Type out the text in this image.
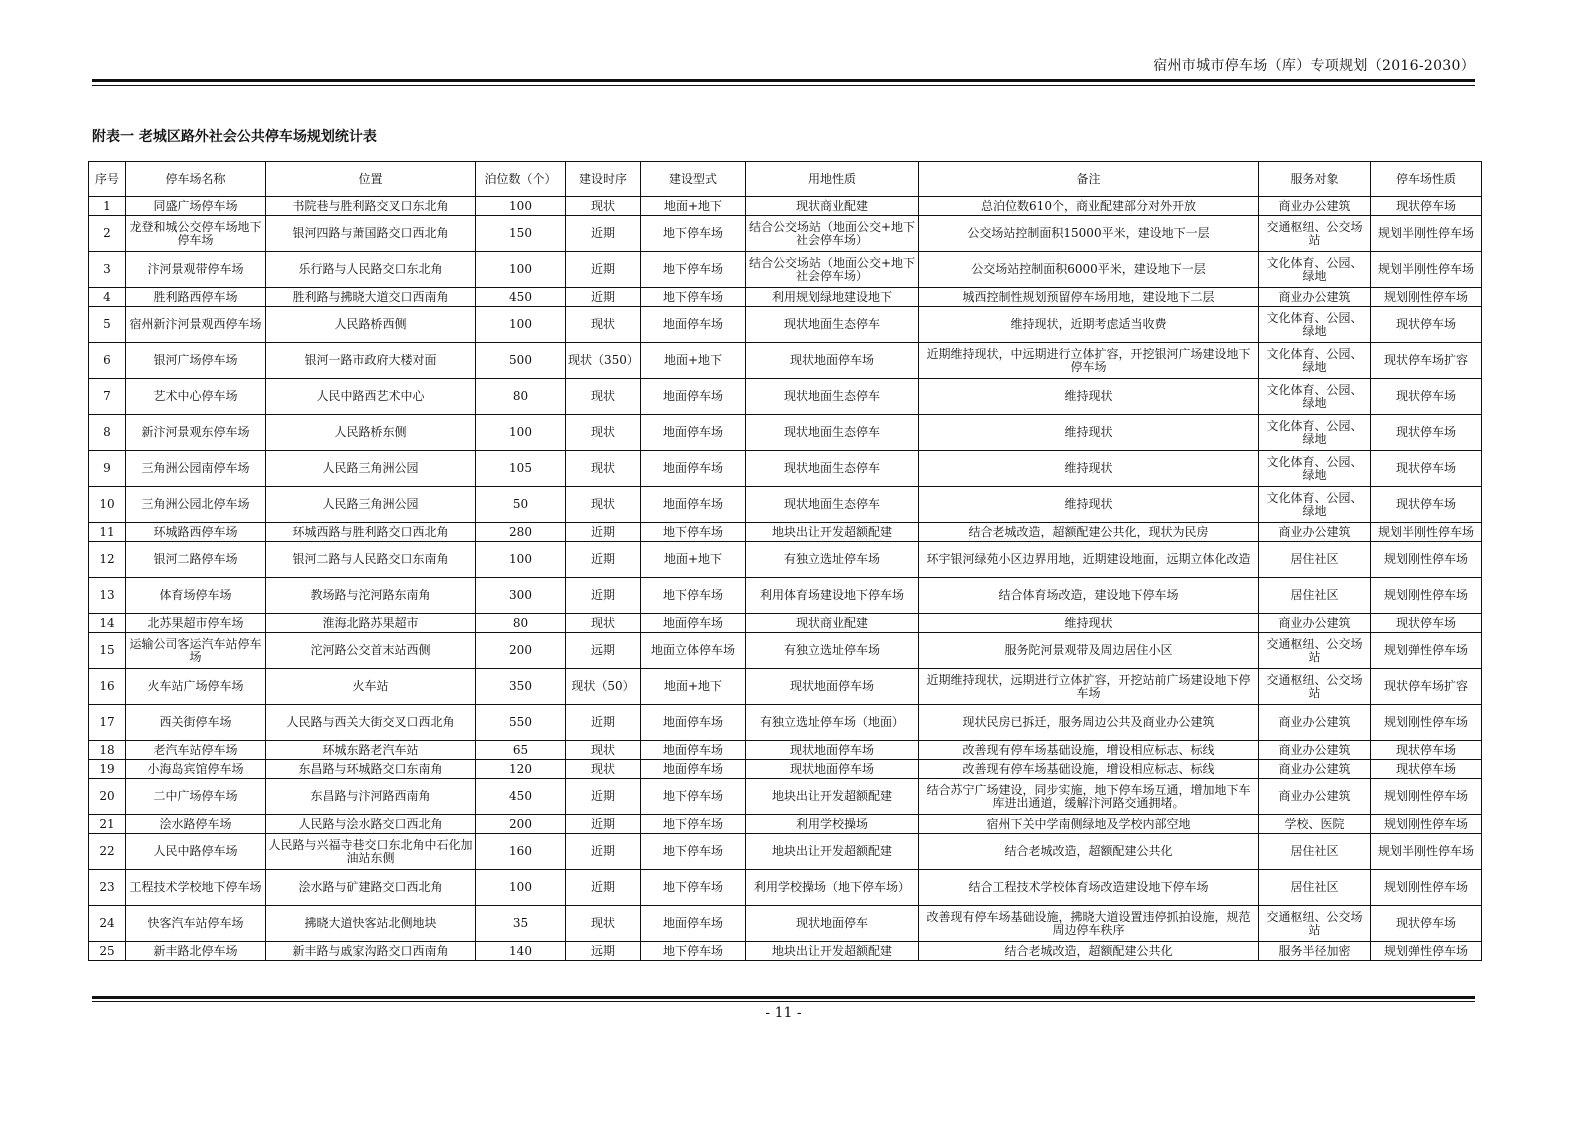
宿州市城市停车场（库）专项规划（2016-2030）
附表一 老城区路外社会公共停车场规划统计表
序号	停车场名称	位置	泊位数（个）	建设时序	建设型式	用地性质	备注	服务对象	停车场性质
1	同盛广场停车场	书院巷与胜利路交叉口东北角	100	现状	地面+地下	现状商业配建	总泊位数610个，商业配建部分对外开放	商业办公建筑	现状停车场
2	龙登和城公交停车场地下停车场	银河四路与萧国路交口西北角	150	近期	地下停车场	结合公交场站（地面公交+地下社会停车场）	公交场站控制面积15000平米，建设地下一层	交通枢纽、公交场站	规划半刚性停车场
3	汴河景观带停车场	乐行路与人民路交口东北角	100	近期	地下停车场	结合公交场站（地面公交+地下社会停车场）	公交场站控制面积6000平米，建设地下一层	文化体育、公园、绿地	规划半刚性停车场
4	胜利路西停车场	胜利路与拂晓大道交口西南角	450	近期	地下停车场	利用规划绿地建设地下	城西控制性规划预留停车场用地，建设地下二层	商业办公建筑	规划刚性停车场
5	宿州新汴河景观西停车场	人民路桥西侧	100	现状	地面停车场	现状地面生态停车	维持现状，近期考虑适当收费	文化体育、公园、绿地	现状停车场
6	银河广场停车场	银河一路市政府大楼对面	500	现状（350）	地面+地下	现状地面停车场	近期维持现状，中远期进行立体扩容，开挖银河广场建设地下停车场	文化体育、公园、绿地	现状停车场扩容
7	艺术中心停车场	人民中路西艺术中心	80	现状	地面停车场	现状地面生态停车	维持现状	文化体育、公园、绿地	现状停车场
8	新汴河景观东停车场	人民路桥东侧	100	现状	地面停车场	现状地面生态停车	维持现状	文化体育、公园、绿地	现状停车场
9	三角洲公园南停车场	人民路三角洲公园	105	现状	地面停车场	现状地面生态停车	维持现状	文化体育、公园、绿地	现状停车场
10	三角洲公园北停车场	人民路三角洲公园	50	现状	地面停车场	现状地面生态停车	维持现状	文化体育、公园、绿地	现状停车场
11	环城路西停车场	环城西路与胜利路交口西北角	280	近期	地下停车场	地块出让开发超额配建	结合老城改造，超额配建公共化，现状为民房	商业办公建筑	规划半刚性停车场
12	银河二路停车场	银河二路与人民路交口东南角	100	近期	地面+地下	有独立选址停车场	环宇银河绿苑小区边界用地，近期建设地面，远期立体化改造	居住社区	规划刚性停车场
13	体育场停车场	教场路与沱河路东南角	300	近期	地下停车场	利用体育场建设地下停车场	结合体育场改造，建设地下停车场	居住社区	规划刚性停车场
14	北苏果超市停车场	淮海北路苏果超市	80	现状	地面停车场	现状商业配建	维持现状	商业办公建筑	现状停车场
15	运输公司客运汽车站停车场	沱河路公交首末站西侧	200	远期	地面立体停车场	有独立选址停车场	服务陀河景观带及周边居住小区	交通枢纽、公交场站	规划弹性停车场
16	火车站广场停车场	火车站	350	现状（50）	地面+地下	现状地面停车场	近期维持现状，远期进行立体扩容，开挖站前广场建设地下停车场	交通枢纽、公交场站	现状停车场扩容
17	西关街停车场	人民路与西关大街交叉口西北角	550	近期	地面停车场	有独立选址停车场（地面）	现状民房已拆迁，服务周边公共及商业办公建筑	商业办公建筑	规划刚性停车场
18	老汽车站停车场	环城东路老汽车站	65	现状	地面停车场	现状地面停车场	改善现有停车场基础设施，增设相应标志、标线	商业办公建筑	现状停车场
19	小海岛宾馆停车场	东昌路与环城路交口东南角	120	现状	地面停车场	现状地面停车场	改善现有停车场基础设施，增设相应标志、标线	商业办公建筑	现状停车场
20	二中广场停车场	东昌路与汴河路西南角	450	近期	地下停车场	地块出让开发超额配建	结合苏宁广场建设，同步实施，地下停车场互通，增加地下车库进出通道，缓解汴河路交通拥堵。	商业办公建筑	规划刚性停车场
21	浍水路停车场	人民路与浍水路交口西北角	200	近期	地下停车场	利用学校操场	宿州下关中学南侧绿地及学校内部空地	学校、医院	规划刚性停车场
22	人民中路停车场	人民路与兴福寺巷交口东北角中石化加油站东侧	160	近期	地下停车场	地块出让开发超额配建	结合老城改造，超额配建公共化	居住社区	规划半刚性停车场
23	工程技术学校地下停车场	浍水路与矿建路交口西北角	100	近期	地下停车场	利用学校操场（地下停车场）	结合工程技术学校体育场改造建设地下停车场	居住社区	规划刚性停车场
24	快客汽车站停车场	拂晓大道快客站北侧地块	35	现状	地面停车场	现状地面停车	改善现有停车场基础设施，拂晓大道设置违停抓拍设施，规范周边停车秩序	交通枢纽、公交场站	现状停车场
25	新丰路北停车场	新丰路与戚家沟路交口西南角	140	远期	地下停车场	地块出让开发超额配建	结合老城改造，超额配建公共化	服务半径加密	规划弹性停车场
- 11 -
